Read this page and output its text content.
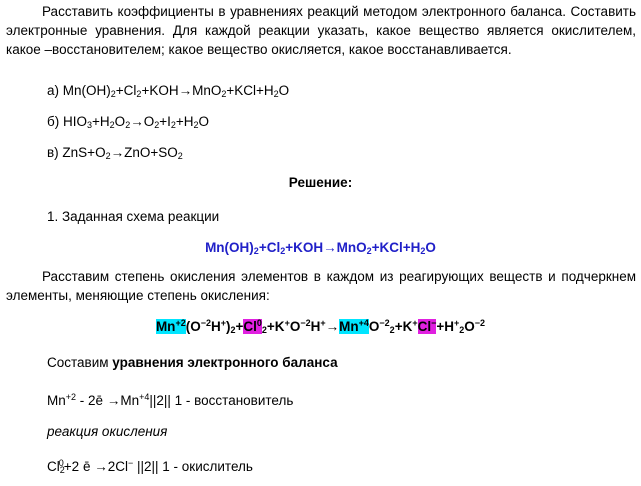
Расставить коэффициенты в уравнениях реакций методом электронного баланса. Составить электронные уравнения. Для каждой реакции указать, какое вещество является окислителем, какое –восстановителем; какое вещество окисляется, какое восстанавливается.
а) $Mn(OH)_2+Cl_2+KOH\to MnO_2+KCl+H_2O$
б) $HIO_3+H_2O_2\to O_2+I_2+H_2O$
в) $ZnS+O_2\to ZnO+SO_2$
Решение:
1. Заданная схема реакции
$Mn(OH)_2+Cl_2+KOH\to MnO_2+KCl+H_2O$
Расставим степень окисления элементов в каждом из реагирующих веществ и подчеркнем элементы, меняющие степень окисления:
$Mn^{+2}(O^{-2}H^+)_2+Cl^0_2+K^+O^{-2}H^+\to Mn^{+4}O^{-2}_2+K^+Cl^-+H^+_2O^{-2}$
Составим уравнения электронного баланса
$Mn^{+2}$ - 2ē $\to Mn^{+4}||2||$ 1 - восстановитель
реакция окисления
$Cl_2^0+2$ ē →2Cl− ||2|| 1 - окислитель
